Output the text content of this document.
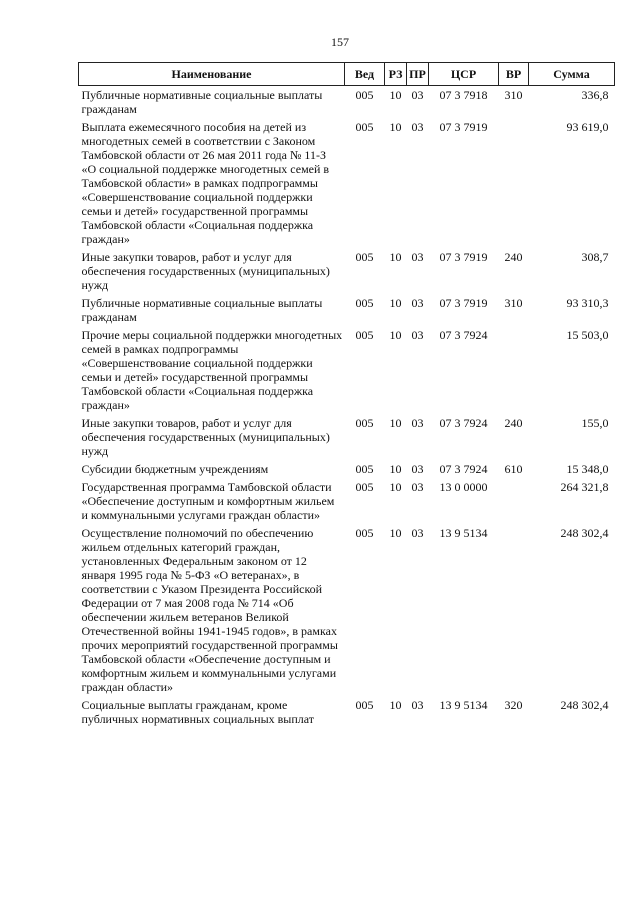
157
Наименование	Вед	РЗ	ПР	ЦСР	ВР	Сумма
Публичные нормативные социальные выплаты гражданам	005	10	03	07 3 7918	310	336,8
Выплата ежемесячного пособия на детей из многодетных семей в соответствии с Законом Тамбовской области от 26 мая 2011 года № 11-З «О социальной поддержке многодетных семей в Тамбовской области» в рамках подпрограммы «Совершенствование социальной поддержки семьи и детей» государственной программы Тамбовской области «Социальная поддержка граждан»	005	10	03	07 3 7919		93 619,0
Иные закупки товаров, работ и услуг для обеспечения государственных (муниципальных) нужд	005	10	03	07 3 7919	240	308,7
Публичные нормативные социальные выплаты гражданам	005	10	03	07 3 7919	310	93 310,3
Прочие меры социальной поддержки многодетных семей в рамках подпрограммы «Совершенствование социальной поддержки семьи и детей» государственной программы Тамбовской области «Социальная поддержка граждан»	005	10	03	07 3 7924		15 503,0
Иные закупки товаров, работ и услуг для обеспечения государственных (муниципальных) нужд	005	10	03	07 3 7924	240	155,0
Субсидии бюджетным учреждениям	005	10	03	07 3 7924	610	15 348,0
Государственная программа Тамбовской области «Обеспечение доступным и комфортным жильем и коммунальными услугами граждан области»	005	10	03	13 0 0000		264 321,8
Осуществление полномочий по обеспечению жильем отдельных категорий граждан, установленных Федеральным законом от 12 января 1995 года № 5-ФЗ «О ветеранах», в соответствии с Указом Президента Российской Федерации от 7 мая 2008 года № 714 «Об обеспечении жильем ветеранов Великой Отечественной войны 1941-1945 годов», в рамках прочих мероприятий государственной программы Тамбовской области «Обеспечение доступным и комфортным жильем и коммунальными услугами граждан области»	005	10	03	13 9 5134		248 302,4
Социальные выплаты гражданам, кроме публичных нормативных социальных выплат	005	10	03	13 9 5134	320	248 302,4
